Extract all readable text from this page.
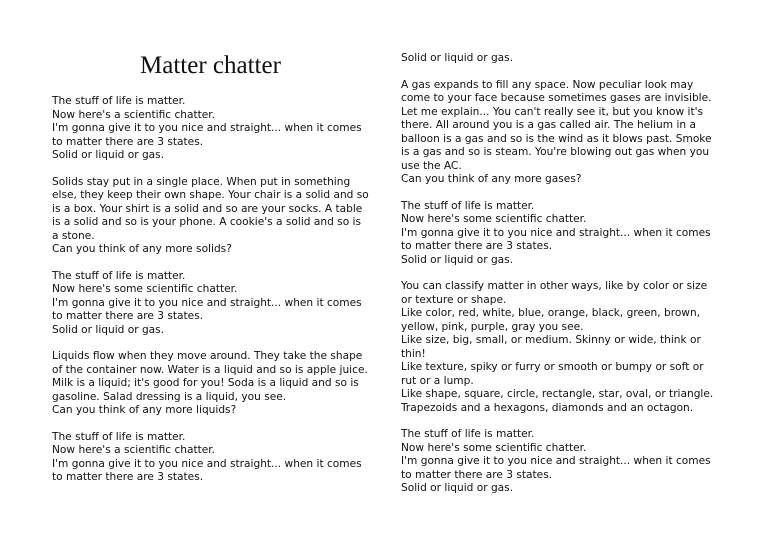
Matter chatter

The stuff of life is matter.
Now here's a scientific chatter.
I'm gonna give it to you nice and straight... when it comes to matter there are 3 states.
Solid or liquid or gas.

Solids stay put in a single place. When put in something else, they keep their own shape. Your chair is a solid and so is a box. Your shirt is a solid and so are your socks. A table is a solid and so is your phone. A cookie's a solid and so is a stone.
Can you think of any more solids?

The stuff of life is matter.
Now here's some scientific chatter.
I'm gonna give it to you nice and straight... when it comes to matter there are 3 states.
Solid or liquid or gas.

Liquids flow when they move around. They take the shape of the container now. Water is a liquid and so is apple juice. Milk is a liquid; it's good for you! Soda is a liquid and so is gasoline. Salad dressing is a liquid, you see.
Can you think of any more liquids?

The stuff of life is matter.
Now here's a scientific chatter.
I'm gonna give it to you nice and straight... when it comes to matter there are 3 states.

Solid or liquid or gas.

A gas expands to fill any space. Now peculiar look may come to your face because sometimes gases are invisible. Let me explain... You can't really see it, but you know it's there. All around you is a gas called air. The helium in a balloon is a gas and so is the wind as it blows past. Smoke is a gas and so is steam. You're blowing out gas when you use the AC.
Can you think of any more gases?

The stuff of life is matter.
Now here's some scientific chatter.
I'm gonna give it to you nice and straight... when it comes to matter there are 3 states.
Solid or liquid or gas.

You can classify matter in other ways, like by color or size or texture or shape.
Like color, red, white, blue, orange, black, green, brown, yellow, pink, purple, gray you see.
Like size, big, small, or medium. Skinny or wide, think or thin!
Like texture, spiky or furry or smooth or bumpy or soft or rut or a lump.
Like shape, square, circle, rectangle, star, oval, or triangle. Trapezoids and a hexagons, diamonds and an octagon.

The stuff of life is matter.
Now here's some scientific chatter.
I'm gonna give it to you nice and straight... when it comes to matter there are 3 states.
Solid or liquid or gas.
